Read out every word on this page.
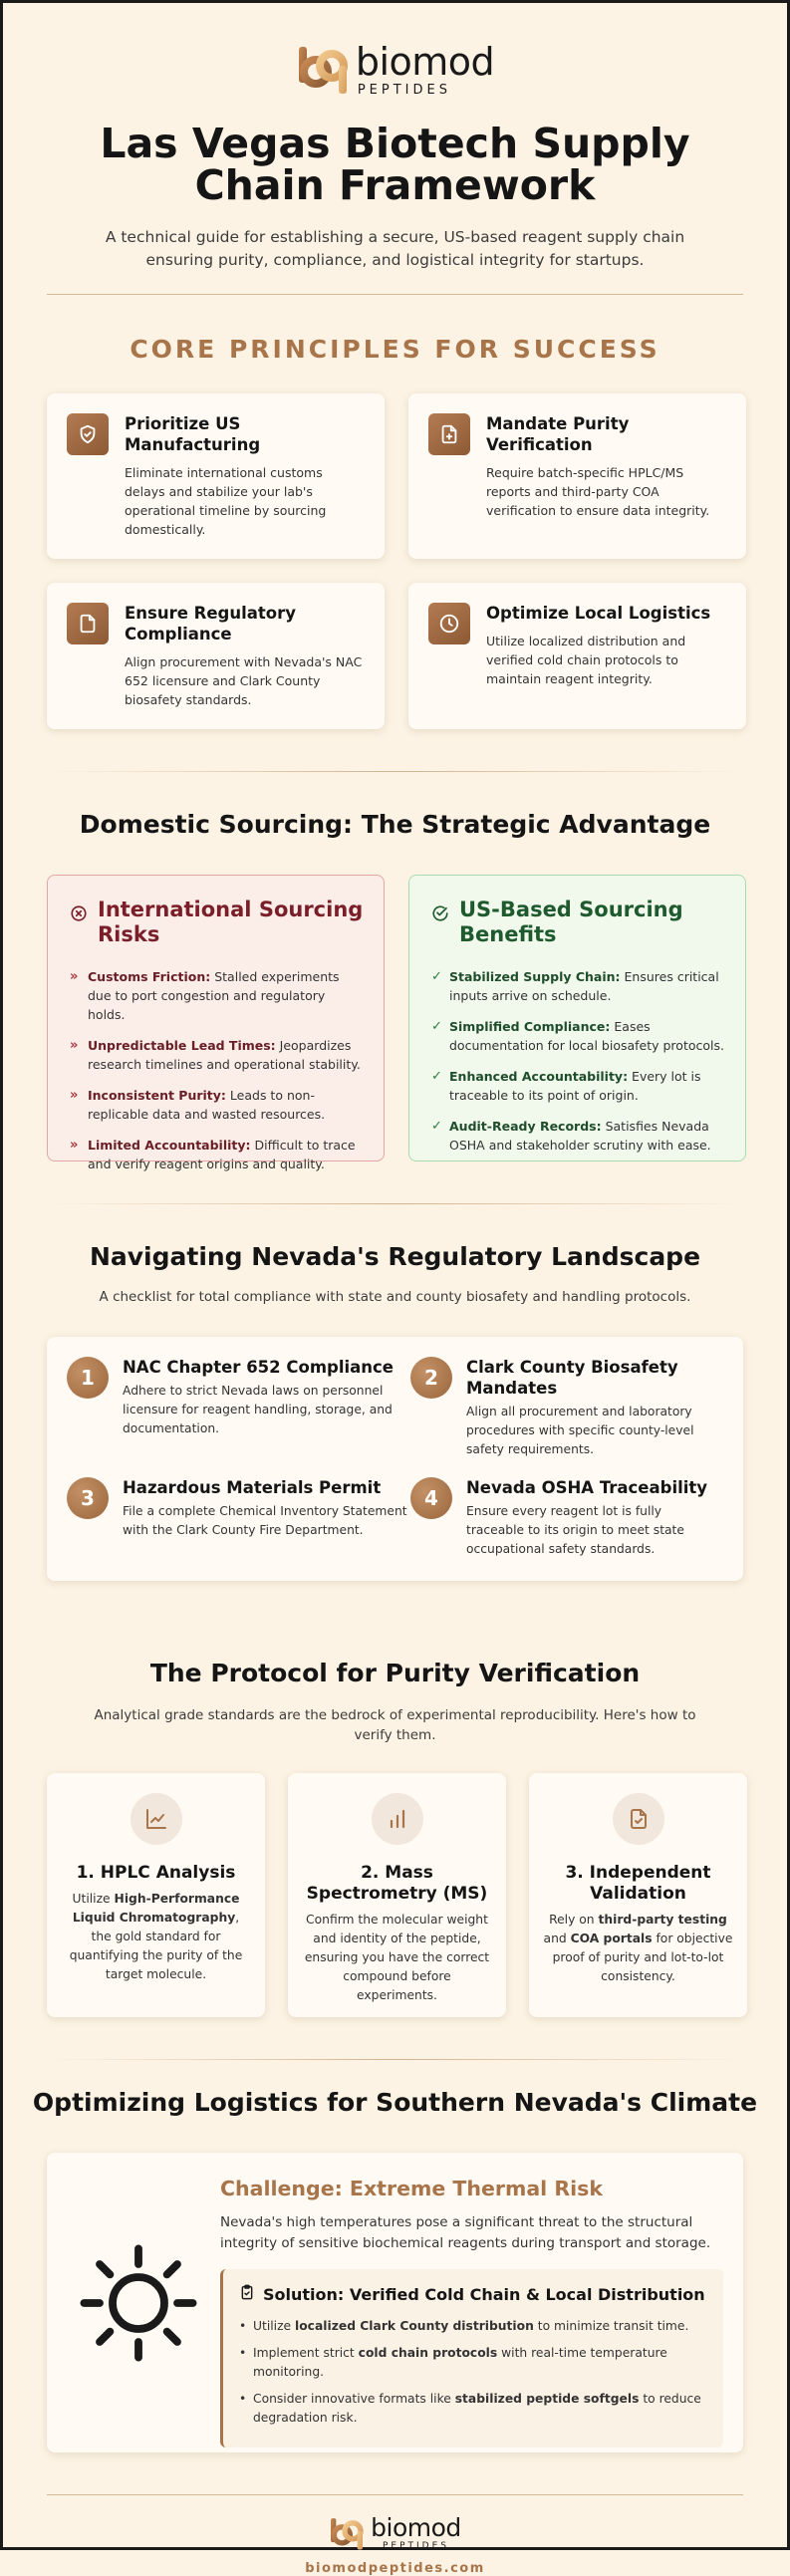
biomod
PEPTIDES
Las Vegas Biotech Supply Chain Framework

A technical guide for establishing a secure, US-based reagent supply chain ensuring purity, compliance, and logistical integrity for startups.

CORE PRINCIPLES FOR SUCCESS
Prioritize US Manufacturing
Eliminate international customs delays and stabilize your lab's operational timeline by sourcing domestically.
Mandate Purity Verification
Require batch-specific HPLC/MS reports and third-party COA verification to ensure data integrity.
Ensure Regulatory Compliance
Align procurement with Nevada's NAC 652 licensure and Clark County biosafety standards.
Optimize Local Logistics
Utilize localized distribution and verified cold chain protocols to maintain reagent integrity.
Domestic Sourcing: The Strategic Advantage
International Sourcing Risks
» Customs Friction: Stalled experiments due to port congestion and regulatory holds.
» Unpredictable Lead Times: Jeopardizes research timelines and operational stability.
» Inconsistent Purity: Leads to non-replicable data and wasted resources.
» Limited Accountability: Difficult to trace and verify reagent origins and quality.
US-Based Sourcing Benefits
✓ Stabilized Supply Chain: Ensures critical inputs arrive on schedule.
✓ Simplified Compliance: Eases documentation for local biosafety protocols.
✓ Enhanced Accountability: Every lot is traceable to its point of origin.
✓ Audit-Ready Records: Satisfies Nevada OSHA and stakeholder scrutiny with ease.
Navigating Nevada's Regulatory Landscape

A checklist for total compliance with state and county biosafety and handling protocols.

1	NAC Chapter 652 Compliance
Adhere to strict Nevada laws on personnel licensure for reagent handling, storage, and documentation.
2	Clark County Biosafety Mandates
Align all procurement and laboratory procedures with specific county-level safety requirements.
3	Hazardous Materials Permit
File a complete Chemical Inventory Statement with the Clark County Fire Department.
4	Nevada OSHA Traceability
Ensure every reagent lot is fully traceable to its origin to meet state occupational safety standards.
The Protocol for Purity Verification

Analytical grade standards are the bedrock of experimental reproducibility. Here's how to verify them.

1. HPLC Analysis
Utilize High-Performance Liquid Chromatography, the gold standard for quantifying the purity of the target molecule.
2. Mass Spectrometry (MS)
Confirm the molecular weight and identity of the peptide, ensuring you have the correct compound before experiments.
3. Independent Validation
Rely on third-party testing and COA portals for objective proof of purity and lot-to-lot consistency.
Optimizing Logistics for Southern Nevada's Climate
Challenge: Extreme Thermal Risk
Nevada's high temperatures pose a significant threat to the structural integrity of sensitive biochemical reagents during transport and storage.
Solution: Verified Cold Chain & Local Distribution
• Utilize localized Clark County distribution to minimize transit time.
• Implement strict cold chain protocols with real-time temperature monitoring.
• Consider innovative formats like stabilized peptide softgels to reduce degradation risk.
biomod
PEPTIDES
biomodpeptides.com
